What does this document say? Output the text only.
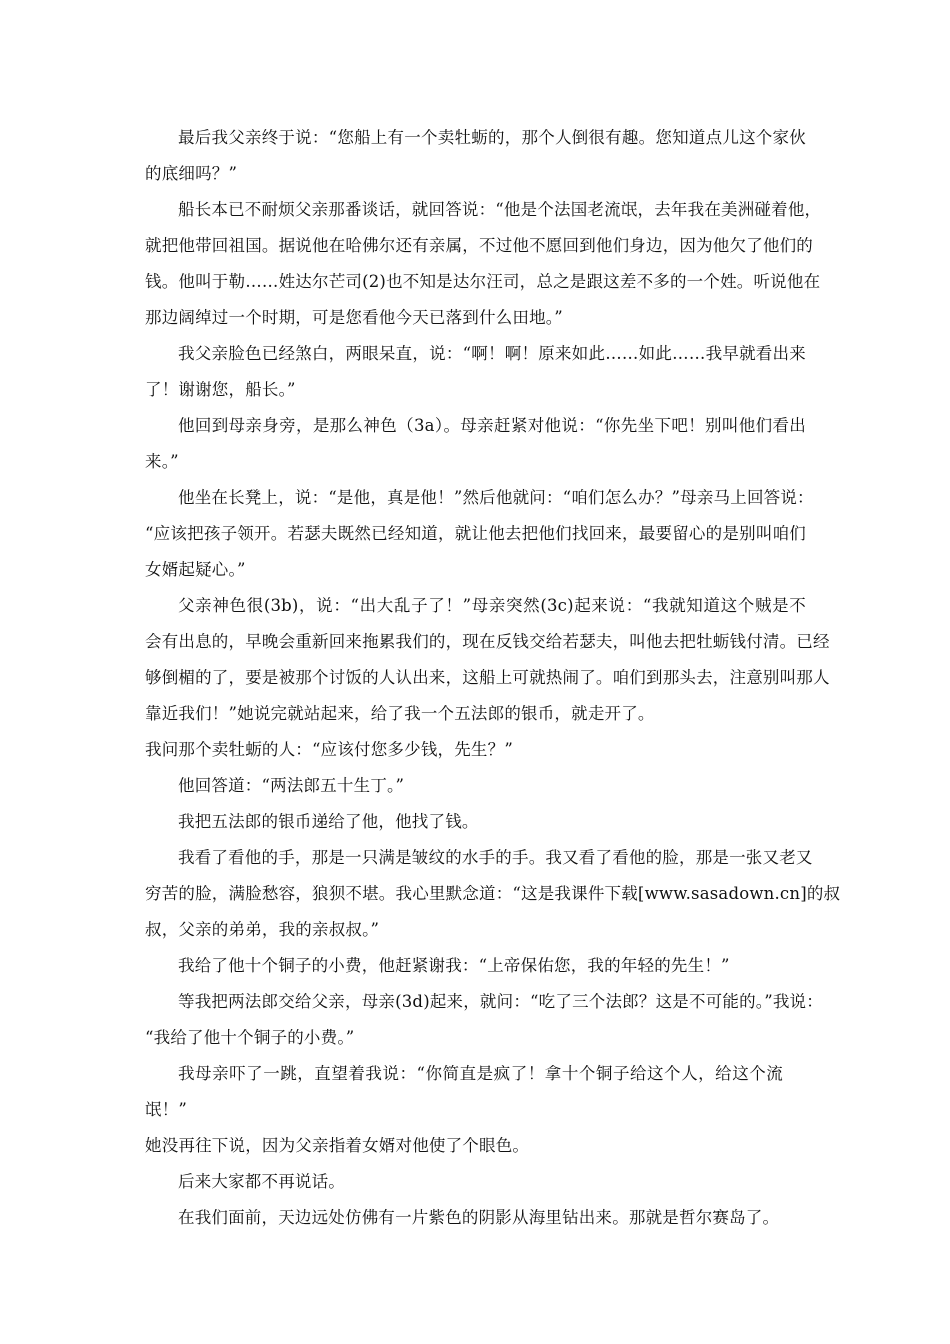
最后我父亲终于说：“您船上有一个卖牡蛎的，那个人倒很有趣。您知道点儿这个家伙
的底细吗？”
船长本已不耐烦父亲那番谈话，就回答说：“他是个法国老流氓，去年我在美洲碰着他，
就把他带回祖国。据说他在哈佛尔还有亲属，不过他不愿回到他们身边，因为他欠了他们的
钱。他叫于勒……姓达尔芒司(2)也不知是达尔汪司，总之是跟这差不多的一个姓。听说他在
那边阔绰过一个时期，可是您看他今天已落到什么田地。”
我父亲脸色已经煞白，两眼呆直，说：“啊！啊！原来如此……如此……我早就看出来
了！谢谢您，船长。”
他回到母亲身旁，是那么神色（3a）。母亲赶紧对他说：“你先坐下吧！别叫他们看出
来。”
他坐在长凳上，说：“是他，真是他！”然后他就问：“咱们怎么办？”母亲马上回答说：
“应该把孩子领开。若瑟夫既然已经知道，就让他去把他们找回来，最要留心的是别叫咱们
女婿起疑心。”
父亲神色很(3b)，说：“出大乱子了！”母亲突然(3c)起来说：“我就知道这个贼是不
会有出息的，早晚会重新回来拖累我们的，现在反钱交给若瑟夫，叫他去把牡蛎钱付清。已经
够倒楣的了，要是被那个讨饭的人认出来，这船上可就热闹了。咱们到那头去，注意别叫那人
靠近我们！”她说完就站起来，给了我一个五法郎的银币，就走开了。
我问那个卖牡蛎的人：“应该付您多少钱，先生？”
他回答道：“两法郎五十生丁。”
我把五法郎的银币递给了他，他找了钱。
我看了看他的手，那是一只满是皱纹的水手的手。我又看了看他的脸，那是一张又老又
穷苦的脸，满脸愁容，狼狈不堪。我心里默念道：“这是我课件下载[www.sasadown.cn]的叔
叔，父亲的弟弟，我的亲叔叔。”
我给了他十个铜子的小费，他赶紧谢我：“上帝保佑您，我的年轻的先生！”
等我把两法郎交给父亲，母亲(3d)起来，就问：“吃了三个法郎？这是不可能的。”我说：
“我给了他十个铜子的小费。”
我母亲吓了一跳，直望着我说：“你简直是疯了！拿十个铜子给这个人，给这个流
氓！”
她没再往下说，因为父亲指着女婿对他使了个眼色。
后来大家都不再说话。
在我们面前，天边远处仿佛有一片紫色的阴影从海里钻出来。那就是哲尔赛岛了。
